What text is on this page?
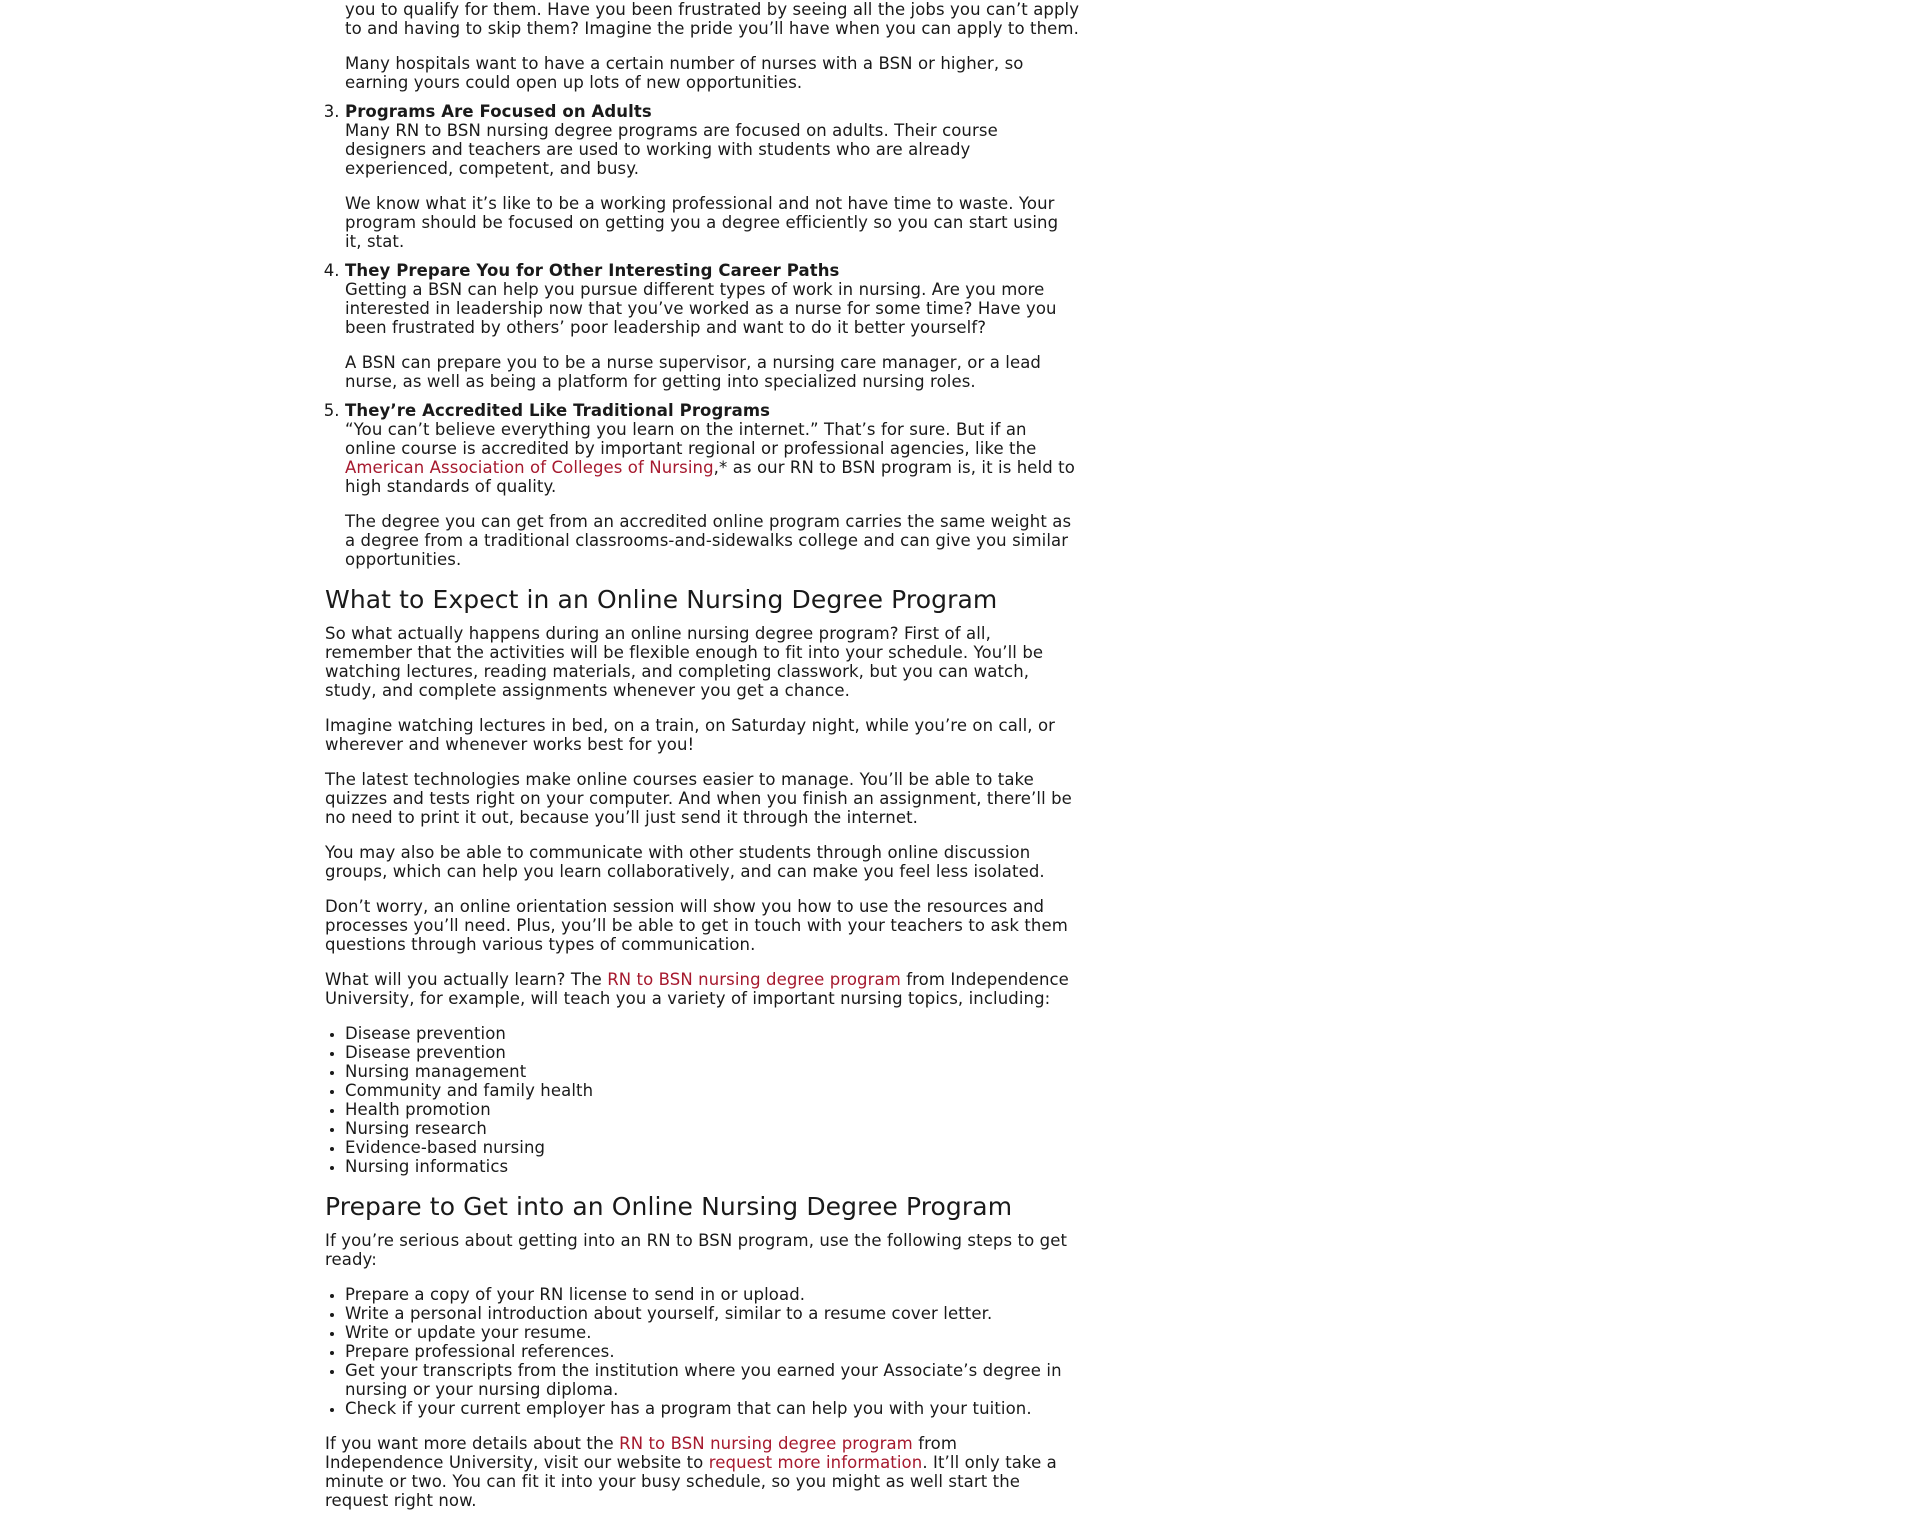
2. you to qualify for them. Have you been frustrated by seeing all the jobs you can’t apply to and having to skip them? Imagine the pride you’ll have when you can apply to them.

Many hospitals want to have a certain number of nurses with a BSN or higher, so earning yours could open up lots of new opportunities.

3. Programs Are Focused on Adults

Many RN to BSN nursing degree programs are focused on adults. Their course designers and teachers are used to working with students who are already experienced, competent, and busy.

We know what it’s like to be a working professional and not have time to waste. Your program should be focused on getting you a degree efficiently so you can start using it, stat.

4. They Prepare You for Other Interesting Career Paths

Getting a BSN can help you pursue different types of work in nursing. Are you more interested in leadership now that you’ve worked as a nurse for some time? Have you been frustrated by others’ poor leadership and want to do it better yourself?

A BSN can prepare you to be a nurse supervisor, a nursing care manager, or a lead nurse, as well as being a platform for getting into specialized nursing roles.

5. They’re Accredited Like Traditional Programs

“You can’t believe everything you learn on the internet.” That’s for sure. But if an online course is accredited by important regional or professional agencies, like the American Association of Colleges of Nursing,* as our RN to BSN program is, it is held to high standards of quality.

The degree you can get from an accredited online program carries the same weight as a degree from a traditional classrooms-and-sidewalks college and can give you similar opportunities.

What to Expect in an Online Nursing Degree Program

So what actually happens during an online nursing degree program? First of all, remember that the activities will be flexible enough to fit into your schedule. You’ll be watching lectures, reading materials, and completing classwork, but you can watch, study, and complete assignments whenever you get a chance.

Imagine watching lectures in bed, on a train, on Saturday night, while you’re on call, or wherever and whenever works best for you!

The latest technologies make online courses easier to manage. You’ll be able to take quizzes and tests right on your computer. And when you finish an assignment, there’ll be no need to print it out, because you’ll just send it through the internet.

You may also be able to communicate with other students through online discussion groups, which can help you learn collaboratively, and can make you feel less isolated.

Don’t worry, an online orientation session will show you how to use the resources and processes you’ll need. Plus, you’ll be able to get in touch with your teachers to ask them questions through various types of communication.

What will you actually learn? The RN to BSN nursing degree program from Independence University, for example, will teach you a variety of important nursing topics, including:

• Disease prevention
• Disease prevention
• Nursing management
• Community and family health
• Health promotion
• Nursing research
• Evidence-based nursing
• Nursing informatics
Prepare to Get into an Online Nursing Degree Program

If you’re serious about getting into an RN to BSN program, use the following steps to get ready:

• Prepare a copy of your RN license to send in or upload.
• Write a personal introduction about yourself, similar to a resume cover letter.
• Write or update your resume.
• Prepare professional references.
• Get your transcripts from the institution where you earned your Associate’s degree in nursing or your nursing diploma.
• Check if your current employer has a program that can help you with your tuition.

If you want more details about the RN to BSN nursing degree program from Independence University, visit our website to request more information. It’ll only take a minute or two. You can fit it into your busy schedule, so you might as well start the request right now.
